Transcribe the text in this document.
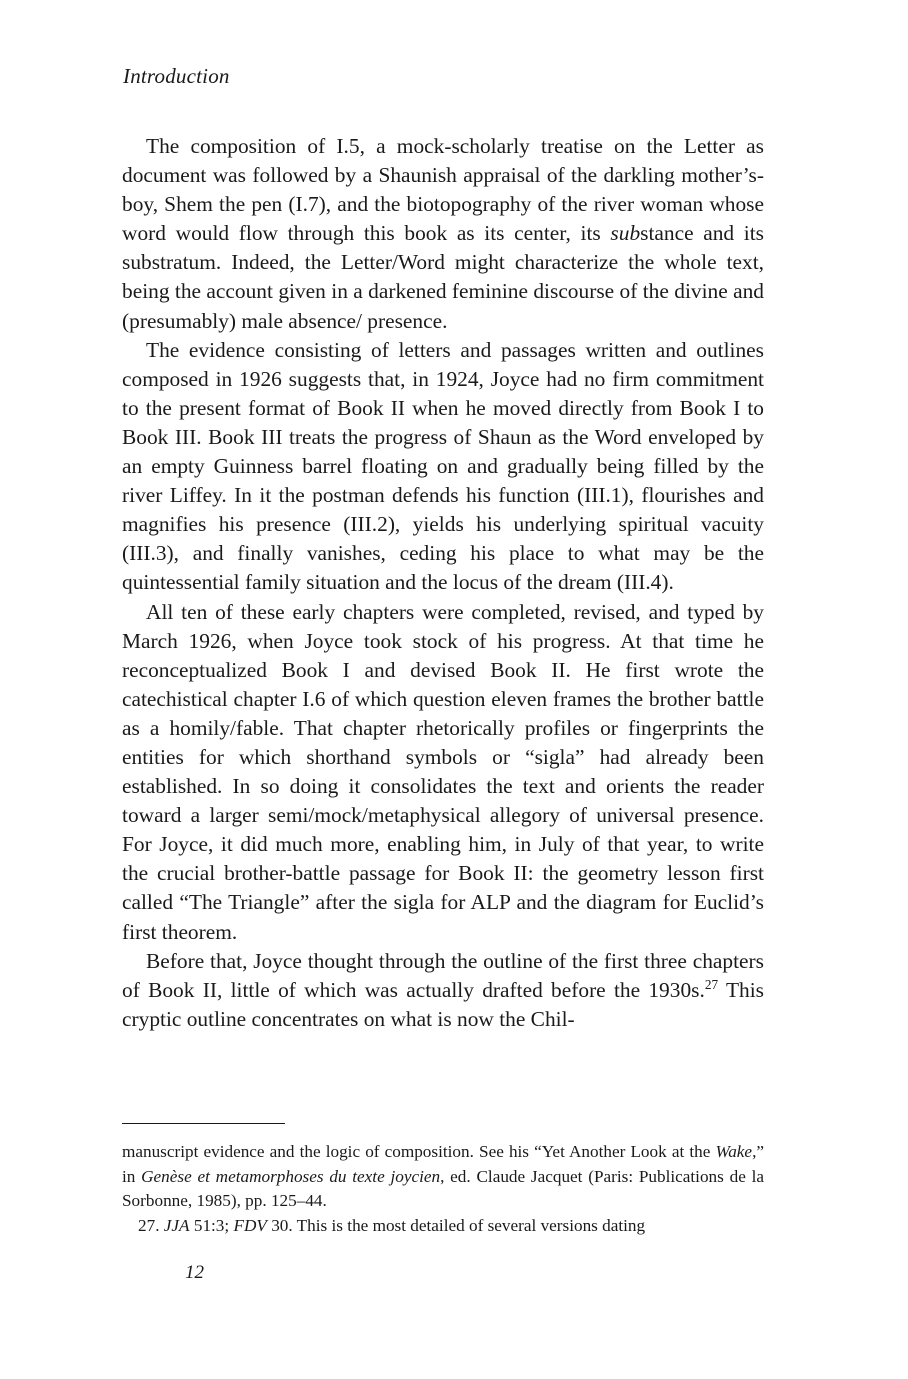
Introduction

The composition of I.5, a mock-scholarly treatise on the Letter as document was followed by a Shaunish appraisal of the darkling mother’s-boy, Shem the pen (I.7), and the biotopography of the river woman whose word would flow through this book as its center, its substance and its substratum. Indeed, the Letter/Word might characterize the whole text, being the account given in a darkened feminine discourse of the divine and (presumably) male absence/ presence.

The evidence consisting of letters and passages written and outlines composed in 1926 suggests that, in 1924, Joyce had no firm commitment to the present format of Book II when he moved directly from Book I to Book III. Book III treats the progress of Shaun as the Word enveloped by an empty Guinness barrel floating on and gradually being filled by the river Liffey. In it the postman defends his function (III.1), flourishes and magnifies his presence (III.2), yields his underlying spiritual vacuity (III.3), and finally vanishes, ceding his place to what may be the quintessential family situation and the locus of the dream (III.4).

All ten of these early chapters were completed, revised, and typed by March 1926, when Joyce took stock of his progress. At that time he reconceptualized Book I and devised Book II. He first wrote the catechistical chapter I.6 of which question eleven frames the brother battle as a homily/fable. That chapter rhetorically profiles or fingerprints the entities for which shorthand symbols or “sigla” had already been established. In so doing it consolidates the text and orients the reader toward a larger semi/mock/metaphysical allegory of universal presence. For Joyce, it did much more, enabling him, in July of that year, to write the crucial brother-battle passage for Book II: the geometry lesson first called “The Triangle” after the sigla for ALP and the diagram for Euclid’s first theorem.

Before that, Joyce thought through the outline of the first three chapters of Book II, little of which was actually drafted before the 1930s.$^{27}$ This cryptic outline concentrates on what is now the Chil-

manuscript evidence and the logic of composition. See his “Yet Another Look at the Wake,” in Genèse et metamorphoses du texte joycien, ed. Claude Jacquet (Paris: Publications de la Sorbonne, 1985), pp. 125–44.

27. JJA 51:3; FDV 30. This is the most detailed of several versions dating

12
